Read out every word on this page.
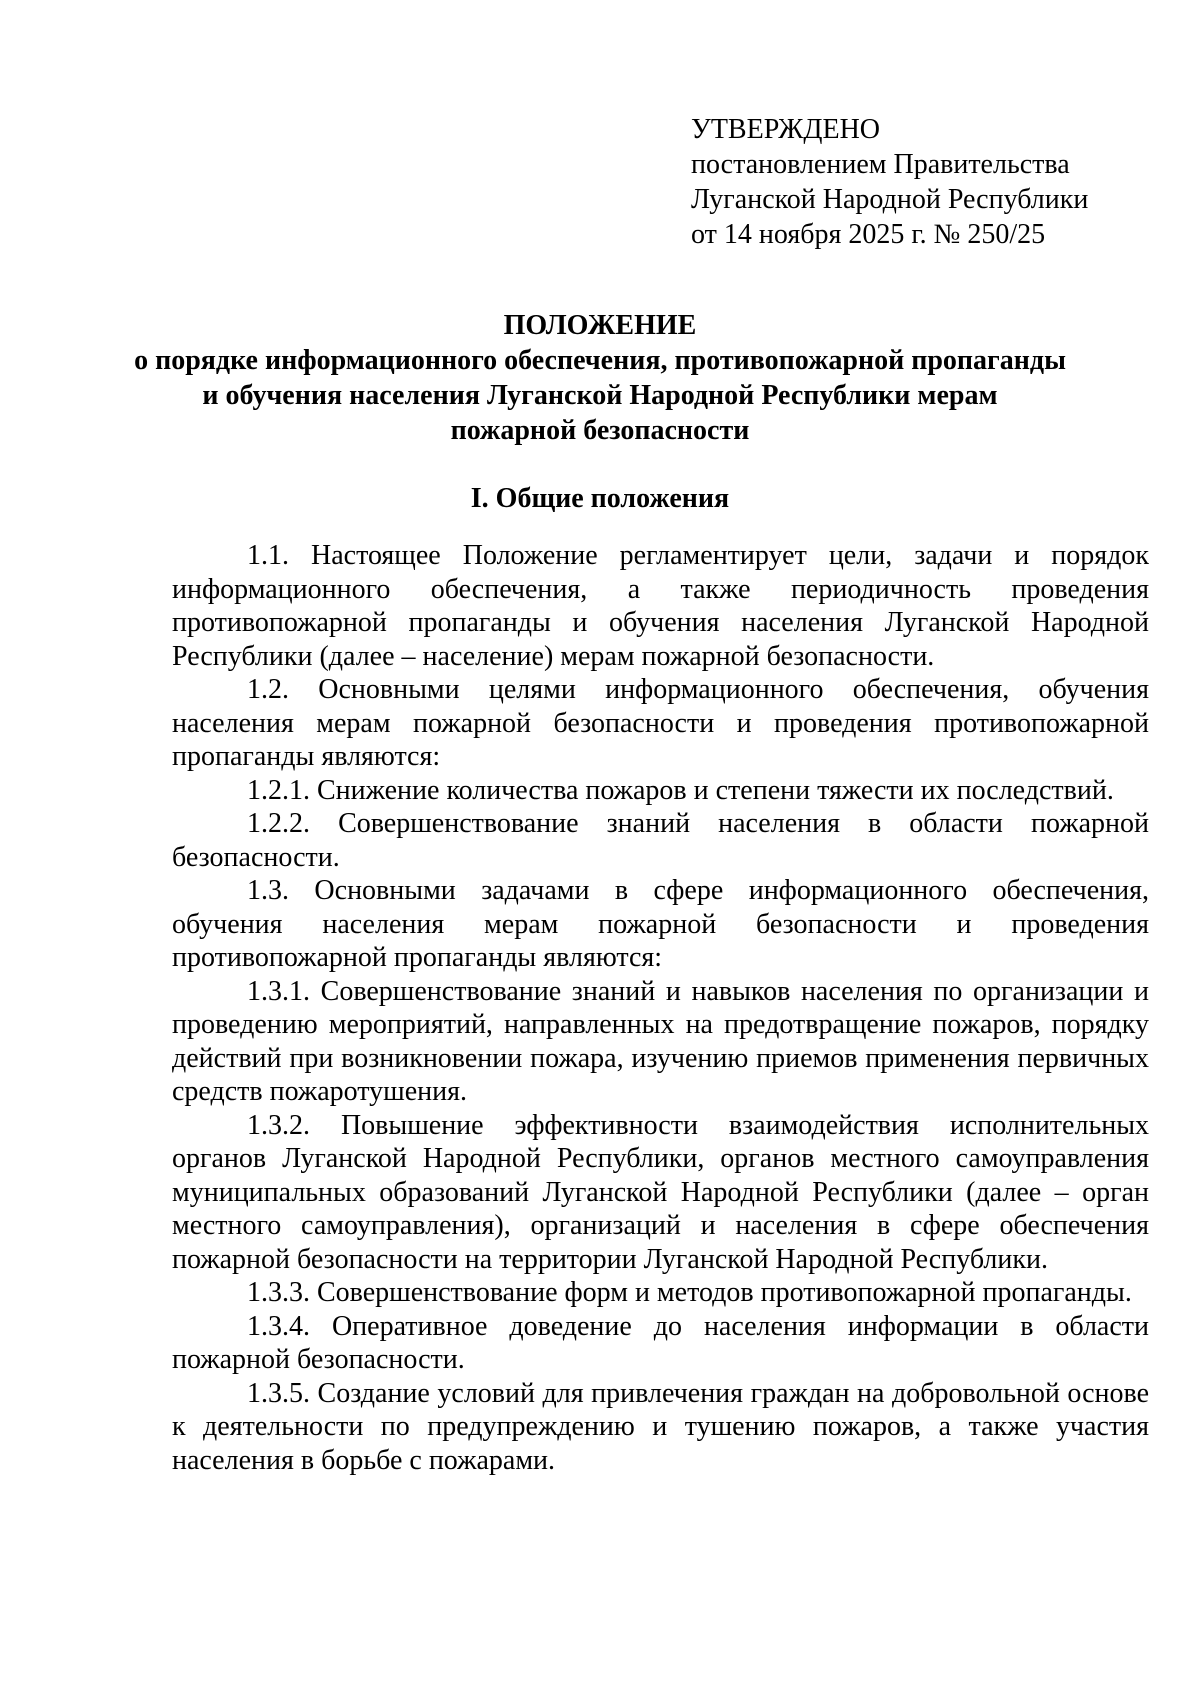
УТВЕРЖДЕНО
постановлением Правительства
Луганской Народной Республики
от 14 ноября 2025 г. № 250/25
ПОЛОЖЕНИЕ
о порядке информационного обеспечения, противопожарной пропаганды
и обучения населения Луганской Народной Республики мерам
пожарной безопасности
I. Общие положения

1.1. Настоящее Положение регламентирует цели, задачи и порядок информационного обеспечения, а также периодичность проведения противопожарной пропаганды и обучения населения Луганской Народной Республики (далее – население) мерам пожарной безопасности.

1.2. Основными целями информационного обеспечения, обучения населения мерам пожарной безопасности и проведения противопожарной пропаганды являются:

1.2.1. Снижение количества пожаров и степени тяжести их последствий.

1.2.2. Совершенствование знаний населения в области пожарной безопасности.

1.3. Основными задачами в сфере информационного обеспечения, обучения населения мерам пожарной безопасности и проведения противопожарной пропаганды являются:

1.3.1. Совершенствование знаний и навыков населения по организации и проведению мероприятий, направленных на предотвращение пожаров, порядку действий при возникновении пожара, изучению приемов применения первичных средств пожаротушения.

1.3.2. Повышение эффективности взаимодействия исполнительных органов Луганской Народной Республики, органов местного самоуправления муниципальных образований Луганской Народной Республики (далее – орган местного самоуправления), организаций и населения в сфере обеспечения пожарной безопасности на территории Луганской Народной Республики.

1.3.3. Совершенствование форм и методов противопожарной пропаганды.

1.3.4. Оперативное доведение до населения информации в области пожарной безопасности.

1.3.5. Создание условий для привлечения граждан на добровольной основе к деятельности по предупреждению и тушению пожаров, а также участия населения в борьбе с пожарами.
